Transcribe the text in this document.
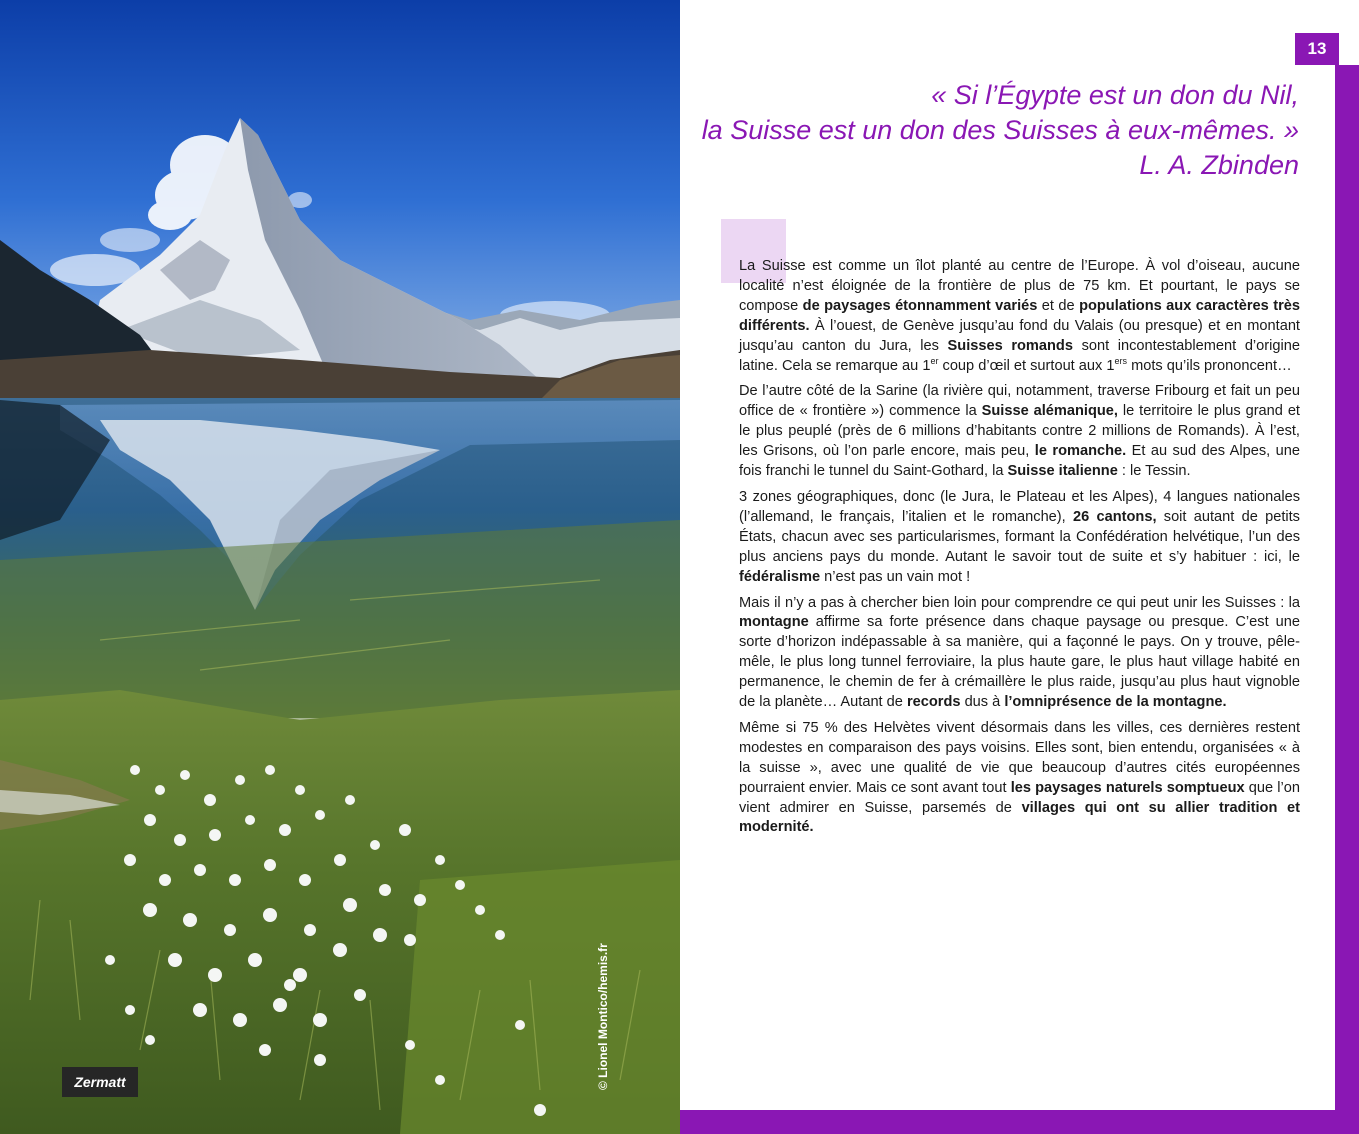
Zermatt	© Lionel Montico/hemis.fr
13
« Si l’Égypte est un don du Nil,
la Suisse est un don des Suisses à eux-mêmes. »
L. A. Zbinden

La Suisse est comme un îlot planté au centre de l’Europe. À vol d’oiseau, aucune localité n’est éloignée de la frontière de plus de 75 km. Et pourtant, le pays se compose de paysages étonnamment variés et de populations aux caractères très différents. À l’ouest, de Genève jusqu’au fond du Valais (ou presque) et en montant jusqu’au canton du Jura, les Suisses romands sont incontestablement d’origine latine. Cela se remarque au 1er coup d’œil et surtout aux 1ers mots qu’ils prononcent…

De l’autre côté de la Sarine (la rivière qui, notamment, traverse Fribourg et fait un peu office de « frontière ») commence la Suisse alémanique, le territoire le plus grand et le plus peuplé (près de 6 millions d’habitants contre 2 millions de Romands). À l’est, les Grisons, où l’on parle encore, mais peu, le romanche. Et au sud des Alpes, une fois franchi le tunnel du Saint-Gothard, la Suisse italienne : le Tessin.

3 zones géographiques, donc (le Jura, le Plateau et les Alpes), 4 langues nationales (l’allemand, le français, l’italien et le romanche), 26 cantons, soit autant de petits États, chacun avec ses particularismes, formant la Confédération helvétique, l’un des plus anciens pays du monde. Autant le savoir tout de suite et s’y habituer : ici, le fédéralisme n’est pas un vain mot !

Mais il n’y a pas à chercher bien loin pour comprendre ce qui peut unir les Suisses : la montagne affirme sa forte présence dans chaque paysage ou presque. C’est une sorte d’horizon indépassable à sa manière, qui a façonné le pays. On y trouve, pêle-mêle, le plus long tunnel ferroviaire, la plus haute gare, le plus haut village habité en permanence, le chemin de fer à crémaillère le plus raide, jusqu’au plus haut vignoble de la planète… Autant de records dus à l’omniprésence de la montagne.

Même si 75 % des Helvètes vivent désormais dans les villes, ces dernières restent modestes en comparaison des pays voisins. Elles sont, bien entendu, organisées « à la suisse », avec une qualité de vie que beaucoup d’autres cités européennes pourraient envier. Mais ce sont avant tout les paysages naturels somptueux que l’on vient admirer en Suisse, parsemés de villages qui ont su allier tradition et modernité.
